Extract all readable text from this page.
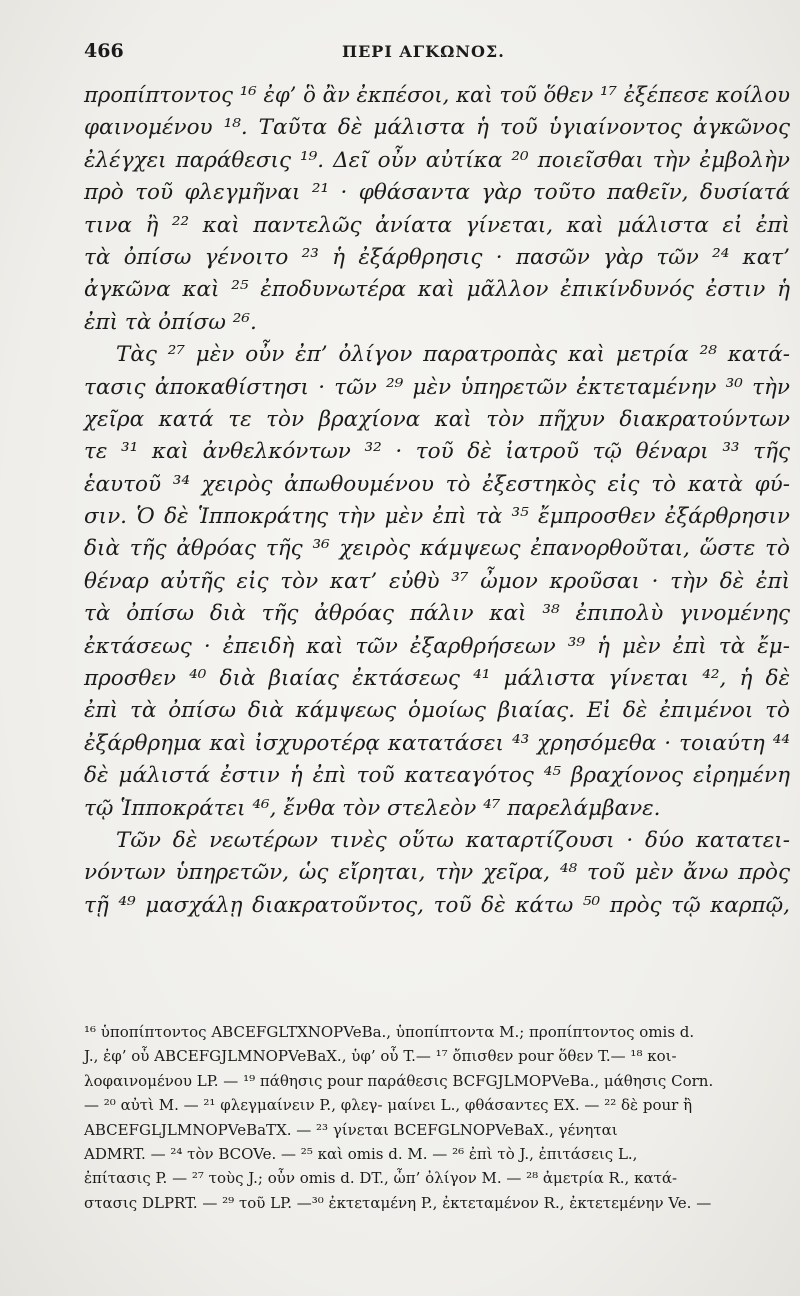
466	ΠΕΡΙ ΑΓΚΩΝΟΣ.
προπίπτοντος ¹⁶ ἐφ’ ὃ ἂν ἐκπέσοι, καὶ τοῦ ὅθεν ¹⁷ ἐξέπεσε κοίλου
φαινομένου ¹⁸. Ταῦτα δὲ μάλιστα ἡ τοῦ ὑγιαίνοντος ἀγκῶνος
ἐλέγχει παράθεσις ¹⁹. Δεῖ οὖν αὐτίκα ²⁰ ποιεῖσθαι τὴν ἐμβολὴν
πρὸ τοῦ φλεγμῆναι ²¹ · φθάσαντα γὰρ τοῦτο παθεῖν, δυσίατά
τινα ἢ ²² καὶ παντελῶς ἀνίατα γίνεται, καὶ μάλιστα εἰ ἐπὶ
τὰ ὀπίσω γένοιτο ²³ ἡ ἐξάρθρησις · πασῶν γὰρ τῶν ²⁴ κατ’
ἀγκῶνα καὶ ²⁵ ἐποδυνωτέρα καὶ μᾶλλον ἐπικίνδυνός ἐστιν ἡ
ἐπὶ τὰ ὀπίσω ²⁶.
Τὰς ²⁷ μὲν οὖν ἐπ’ ὀλίγον παρατροπὰς καὶ μετρία ²⁸ κατά-
τασις ἀποκαθίστησι · τῶν ²⁹ μὲν ὑπηρετῶν ἐκτεταμένην ³⁰ τὴν
χεῖρα κατά τε τὸν βραχίονα καὶ τὸν πῆχυν διακρατούντων
τε ³¹ καὶ ἀνθελκόντων ³² · τοῦ δὲ ἰατροῦ τῷ θέναρι ³³ τῆς
ἑαυτοῦ ³⁴ χειρὸς ἀπωθουμένου τὸ ἐξεστηκὸς εἰς τὸ κατὰ φύ-
σιν. Ὁ δὲ Ἱπποκράτης τὴν μὲν ἐπὶ τὰ ³⁵ ἔμπροσθεν ἐξάρθρησιν
διὰ τῆς ἀθρόας τῆς ³⁶ χειρὸς κάμψεως ἐπανορθοῦται, ὥστε τὸ
θέναρ αὐτῆς εἰς τὸν κατ’ εὐθὺ ³⁷ ὦμον κροῦσαι · τὴν δὲ ἐπὶ
τὰ ὀπίσω διὰ τῆς ἀθρόας πάλιν καὶ ³⁸ ἐπιπολὺ γινομένης
ἐκτάσεως · ἐπειδὴ καὶ τῶν ἐξαρθρήσεων ³⁹ ἡ μὲν ἐπὶ τὰ ἔμ-
προσθεν ⁴⁰ διὰ βιαίας ἐκτάσεως ⁴¹ μάλιστα γίνεται ⁴², ἡ δὲ
ἐπὶ τὰ ὀπίσω διὰ κάμψεως ὁμοίως βιαίας. Εἰ δὲ ἐπιμένοι τὸ
ἐξάρθρημα καὶ ἰσχυροτέρᾳ κατατάσει ⁴³ χρησόμεθα · τοιαύτη ⁴⁴
δὲ μάλιστά ἐστιν ἡ ἐπὶ τοῦ κατεαγότος ⁴⁵ βραχίονος εἰρημένη
τῷ Ἱπποκράτει ⁴⁶, ἔνθα τὸν στελεὸν ⁴⁷ παρελάμβανε.
Τῶν δὲ νεωτέρων τινὲς οὕτω καταρτίζουσι · δύο κατατει-
νόντων ὑπηρετῶν, ὡς εἴρηται, τὴν χεῖρα, ⁴⁸ τοῦ μὲν ἄνω πρὸς
τῇ ⁴⁹ μασχάλῃ διακρατοῦντος, τοῦ δὲ κάτω ⁵⁰ πρὸς τῷ καρπῷ,
¹⁶ ὑποπίπτοντος ABCEFGLTXNOPVeBa., ὑποπίπτοντα M.; προπίπτοντος omis d.
J., ἐφ’ οὗ ABCEFGJLMNOPVeBaX., ὑφ’ οὗ T.— ¹⁷ ὄπισθεν pour ὅθεν T.— ¹⁸ κοι-
λοφαινομένου LP. — ¹⁹ πάθησις pour παράθεσις BCFGJLMOPVeBa., μάθησις Corn.
— ²⁰ αὐτὶ M. — ²¹ φλεγμαίνειν P., φλεγ- μαίνει L., φθάσαντες EX. — ²² δὲ pour ἢ
ABCEFGLJLMNOPVeBaTX. — ²³ γίνεται BCEFGLNOPVeBaX., γένηται
ADMRT. — ²⁴ τὸν BCOVe. — ²⁵ καὶ omis d. M. — ²⁶ ἐπὶ τὸ J., ἐπιτάσεις L.,
ἐπίτασις P. — ²⁷ τοὺς J.; οὖν omis d. DT., ὦπ’ ὀλίγον M. — ²⁸ ἀμετρία R., κατά-
στασις DLPRT. — ²⁹ τοῦ LP. —³⁰ ἐκτεταμένη P., ἐκτεταμένον R., ἐκτετεμένην Ve. —
